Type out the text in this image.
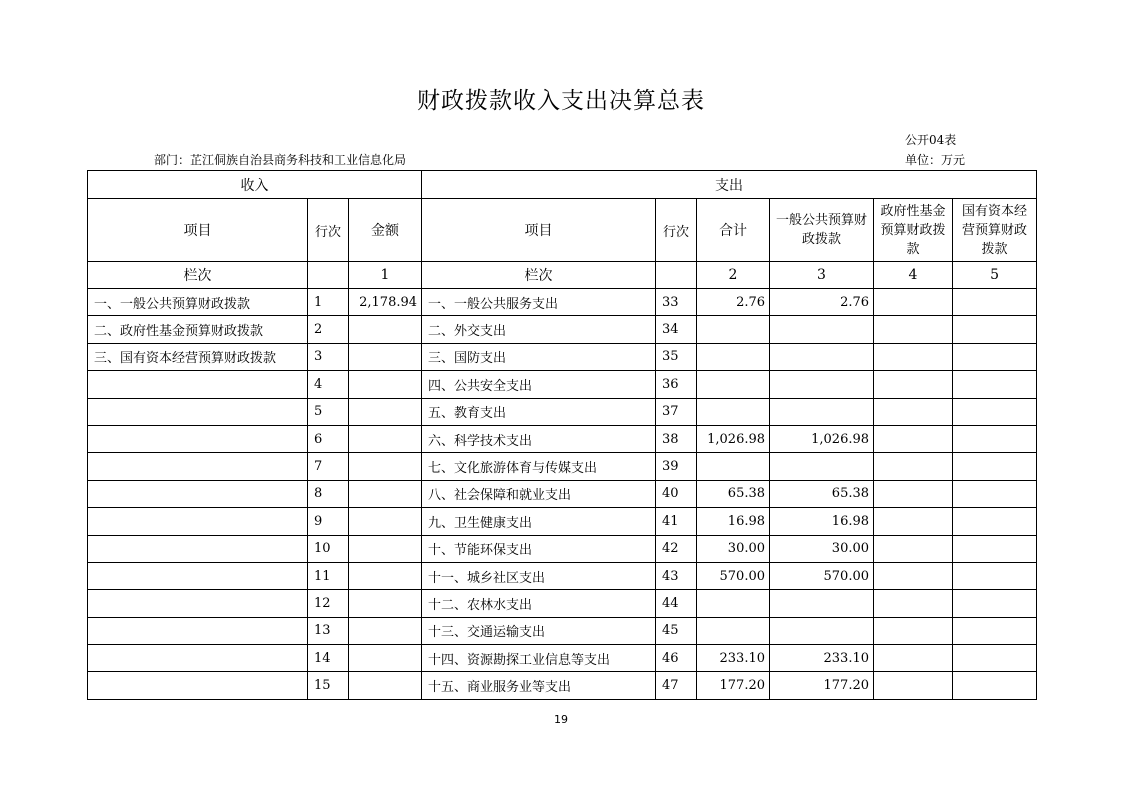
财政拨款收入支出决算总表
公开04表
部门：芷江侗族自治县商务科技和工业信息化局	单位：万元
收入			支出					
项目	行次	金额	项目	行次	合计	一般公共预算财政拨款	政府性基金预算财政拨款	国有资本经营预算财政拨款
栏次		1	栏次		2	3	4	5
一、一般公共预算财政拨款	1	2,178.94	一、一般公共服务支出	33	2.76	2.76		
二、政府性基金预算财政拨款	2		二、外交支出	34				
三、国有资本经营预算财政拨款	3		三、国防支出	35				
	4		四、公共安全支出	36				
	5		五、教育支出	37				
	6		六、科学技术支出	38	1,026.98	1,026.98		
	7		七、文化旅游体育与传媒支出	39				
	8		八、社会保障和就业支出	40	65.38	65.38		
	9		九、卫生健康支出	41	16.98	16.98		
	10		十、节能环保支出	42	30.00	30.00		
	11		十一、城乡社区支出	43	570.00	570.00		
	12		十二、农林水支出	44				
	13		十三、交通运输支出	45				
	14		十四、资源勘探工业信息等支出	46	233.10	233.10		
	15		十五、商业服务业等支出	47	177.20	177.20		
19
